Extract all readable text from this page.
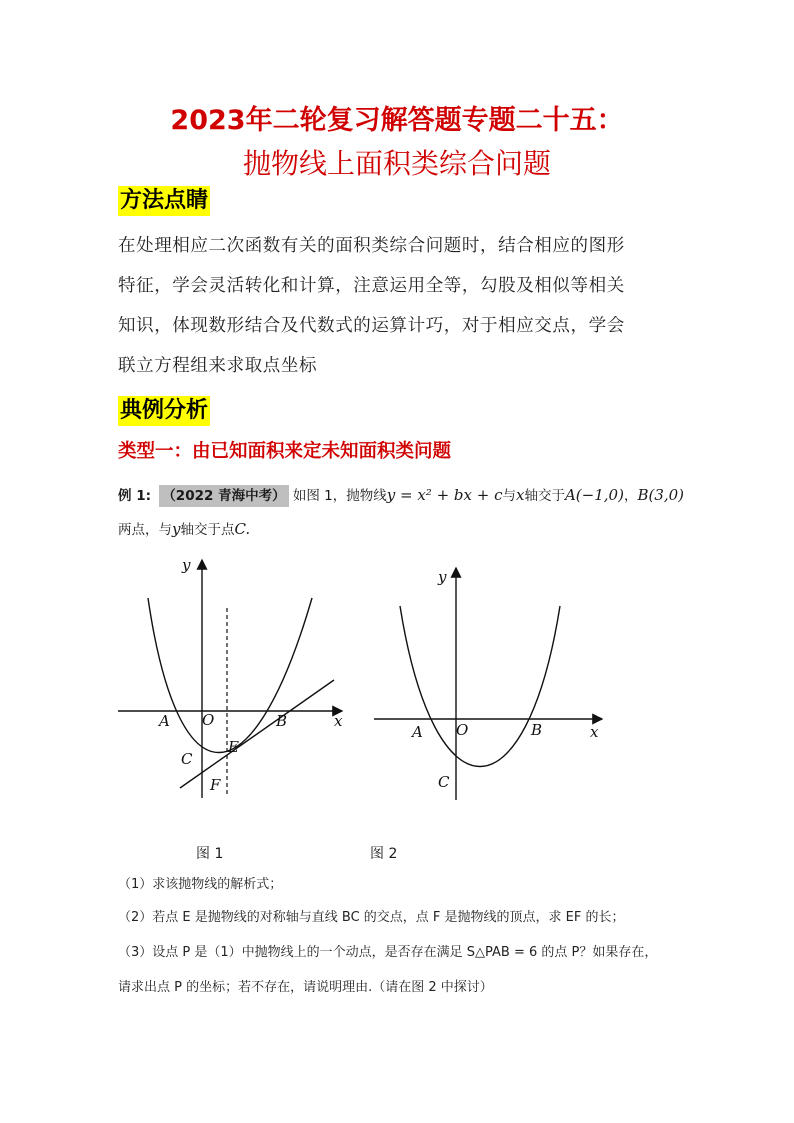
2023年二轮复习解答题专题二十五：
抛物线上面积类综合问题
方法点睛
在处理相应二次函数有关的面积类综合问题时，结合相应的图形
特征，学会灵活转化和计算，注意运用全等，勾股及相似等相关
知识，体现数形结合及代数式的运算计巧，对于相应交点，学会
联立方程组来求取点坐标
典例分析
类型一：由已知面积来定未知面积类问题
例 1: （2022 青海中考） 如图 1，抛物线y = x² + bx + c与x轴交于A(−1,0)，B(3,0)
两点，与y轴交于点C.
y
x
O
A	B
C
E
F
y
x
O
A	B
C
图 1	图 2
（1）求该抛物线的解析式；
（2）若点 E 是抛物线的对称轴与直线 BC 的交点，点 F 是抛物线的顶点，求 EF 的长；
（3）设点 P 是（1）中抛物线上的一个动点，是否存在满足 S△PAB = 6 的点 P？如果存在，
请求出点 P 的坐标；若不存在，请说明理由.（请在图 2 中探讨）
